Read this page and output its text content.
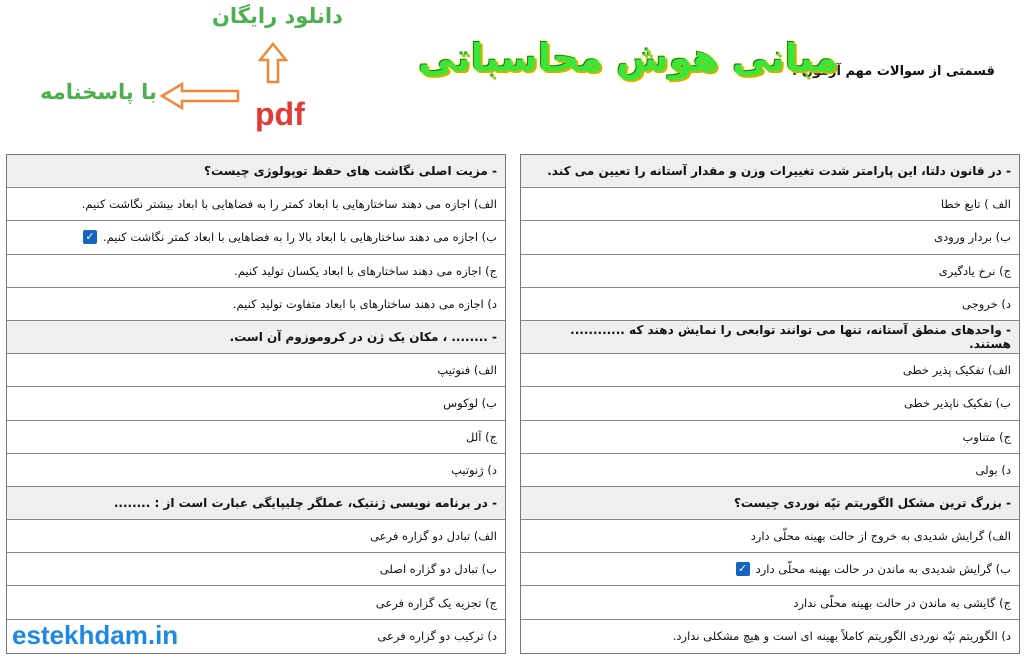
دانلود رایگان
با پاسخنامه
pdf
قسمتی از سوالات مهم آزمون :
مبانی هوش محاسباتی
- در قانون دلتا، این پارامتر شدت تغییرات وزن و مقدار آستانه را تعیین می کند.
الف ) تابع خطا
ب) بردار ورودی
ج) نرخ یادگیری
د) خروجی
- واحدهای منطق آستانه، تنها می توانند توابعی را نمایش دهند که ............ هستند.
الف) تفکیک پذیر خطی
ب) تفکیک ناپذیر خطی
ج) متناوب
د) بولی
- بزرگ ترین مشکل الگوریتم تپّه نوردی چیست؟
الف) گرایش شدیدی به خروج از حالت بهینه محلّی دارد
ب) گرایش شدیدی به ماندن در حالت بهینه محلّی دارد
✓
ج) گایشی به ماندن در حالت بهینه محلّی ندارد
د) الگوریتم تپّه نوردی الگوریتم کاملاً بهینه ای است و هیچ مشکلی ندارد.
- مزیت اصلی نگاشت های حفظ توپولوژی چیست؟
الف) اجازه می دهند ساختارهایی با ابعاد کمتر را به فضاهایی با ابعاد بیشتر نگاشت کنیم.
ب) اجازه می دهند ساختارهایی با ابعاد بالا را به فضاهایی با ابعاد کمتر نگاشت کنیم.
✓
ج) اجازه می دهند ساختارهای با ابعاد یکسان تولید کنیم.
د) اجازه می دهند ساختارهای با ابعاد متفاوت تولید کنیم.
- ........ ، مکان یک ژن در کروموزوم آن است.
الف) فنوتیپ
ب) لوکوس
ج) آلل
د) ژنوتیپ
- در برنامه نویسی ژنتیک، عملگر چلیپایگی عبارت است از : ........
الف) تبادل دو گزاره فرعی
ب) تبادل دو گزاره اصلی
ج) تجزیه یک گزاره فرعی
د) ترکیب دو گزاره فرعی
estekhdam.in
